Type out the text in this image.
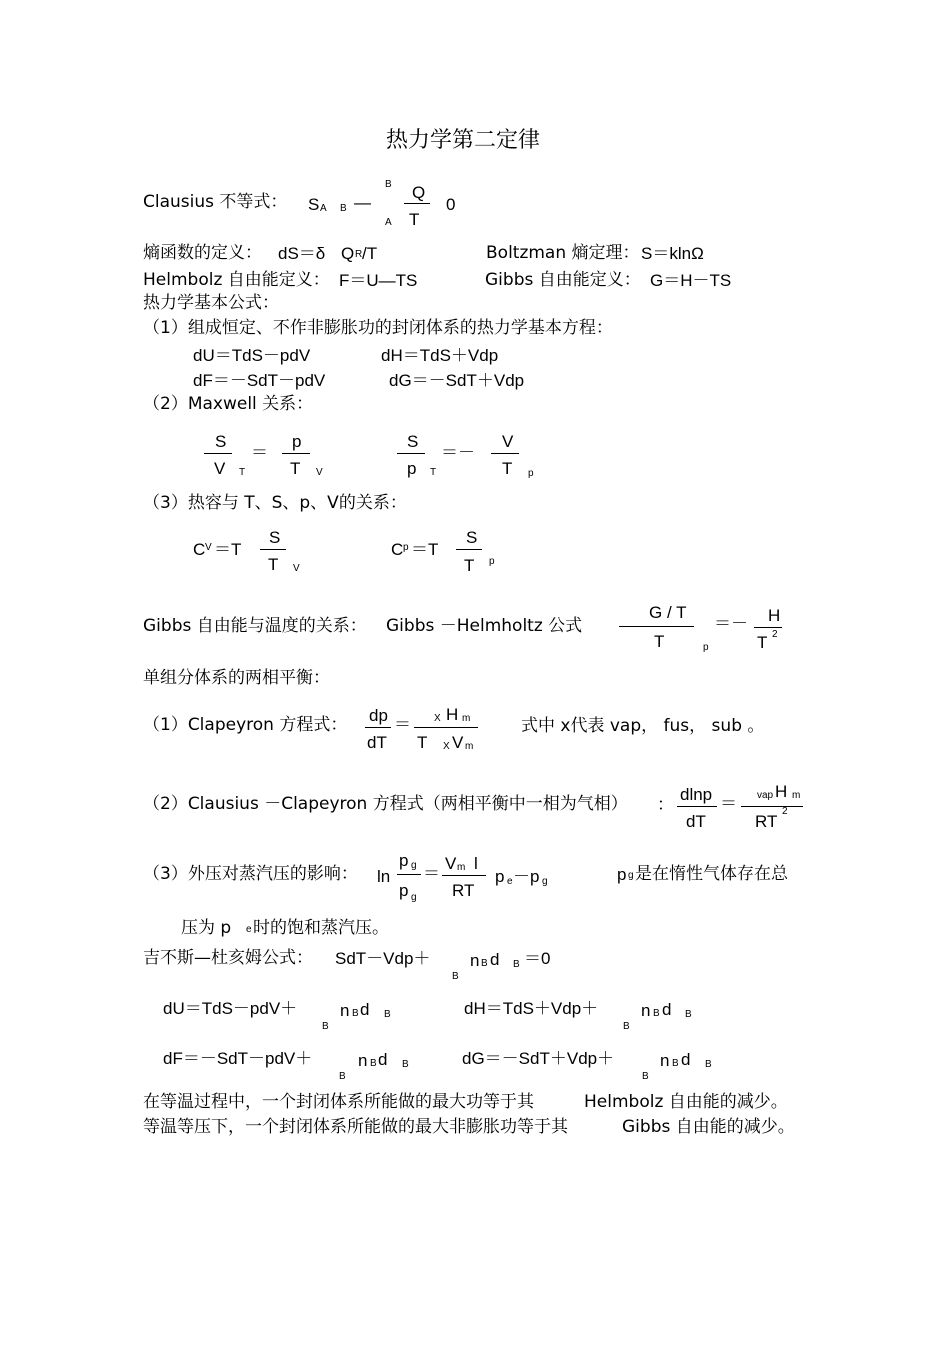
热力学第二定律
Clausius 不等式： S A B —
B
A
Q
T
0
熵函数的定义： dS＝δ Q R /T	Boltzman 熵定理： S＝klnΩ
Helmbolz 自由能定义： F＝U—TS	Gibbs 自由能定义： G＝H－TS
热力学基本公式：
（1）组成恒定、不作非膨胀功的封闭体系的热力学基本方程：
dU＝TdS－pdV	dH＝TdS＋Vdp
dF＝－SdT－pdV	dG＝－SdT＋Vdp
（2）Maxwell 关系：
S
V T
＝
p
T V
S
p T
＝－
V
T p
（3）热容与 T、S、p、V的关系：
C V ＝T
S
T V
C p ＝T
S
T p
Gibbs 自由能与温度的关系： Gibbs －Helmholtz 公式
G / T
T	p
＝－ H
T 2
单组分体系的两相平衡：
（1）Clapeyron 方程式： dp
dT
＝ X H m
T X V m
式中 x代表 vap， fus， sub 。
（2）Clausius －Clapeyron 方程式（两相平衡中一相为气相） ：
dlnp
dT
＝ vap H m
RT
2
（3）外压对蒸汽压的影响： ln
p g
p g
＝
V m l
RT
p e － p g	p g 是在惰性气体存在总
压为 p e 时的饱和蒸汽压。
吉不斯—杜亥姆公式： SdT－Vdp＋
B
n B d B ＝0
dU＝TdS－pdV＋
B
n B d B	dH＝TdS＋Vdp＋
B
n B d B
dF＝－SdT－pdV＋
B
n B d B	dG＝－SdT＋Vdp＋
B
n B d B
在等温过程中，一个封闭体系所能做的最大功等于其	Helmbolz 自由能的减少。
等温等压下，一个封闭体系所能做的最大非膨胀功等于其	Gibbs 自由能的减少。
